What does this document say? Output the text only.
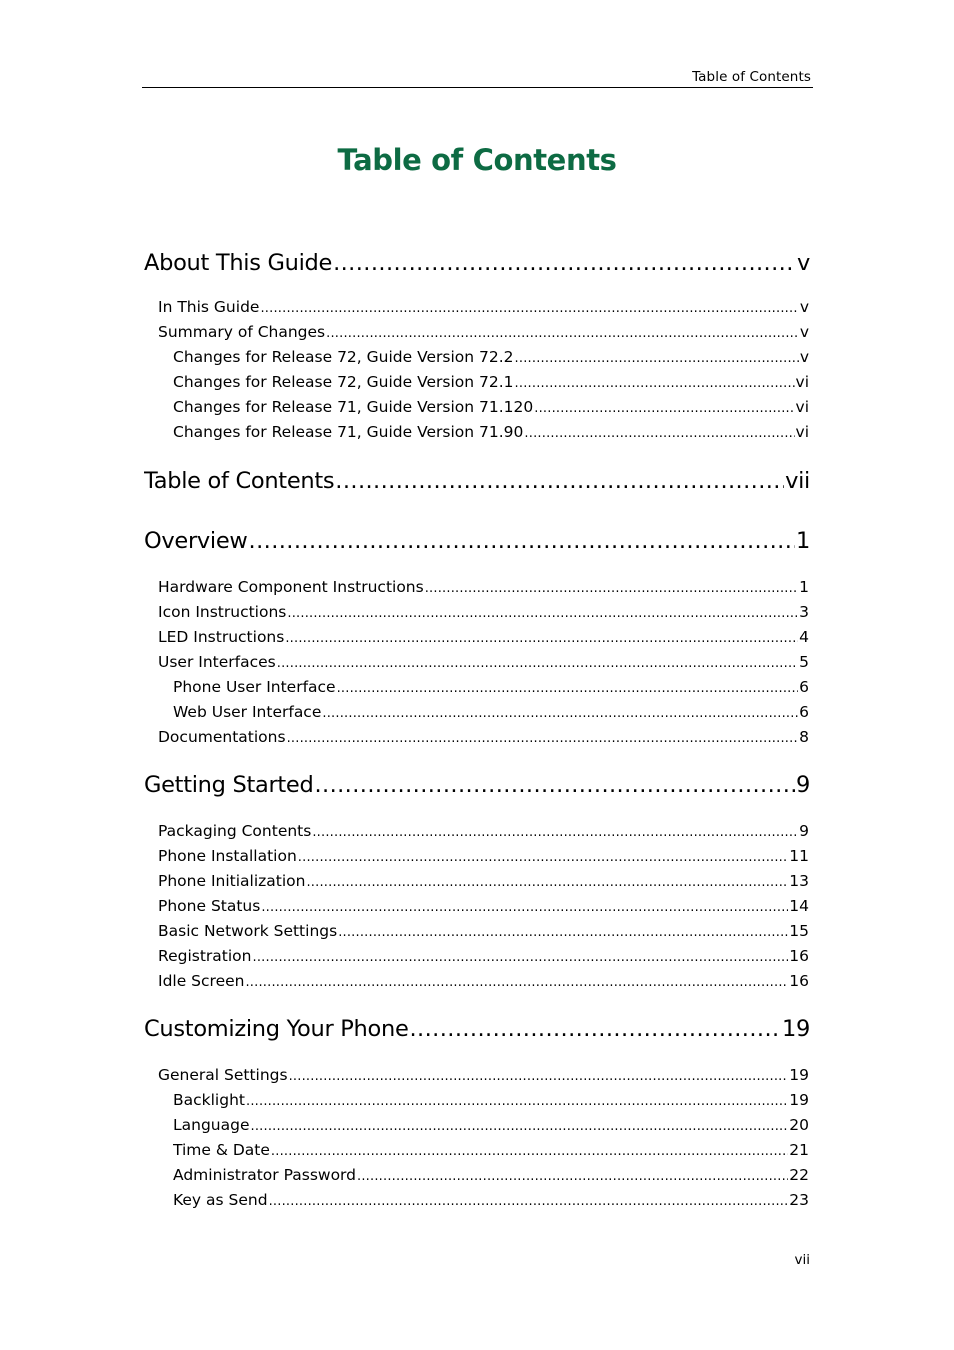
Table of Contents
Table of Contents
About This Guide .....	v
In This Guide .....	v
Summary of Changes .....	v
Changes for Release 72, Guide Version 72.2 .....	v
Changes for Release 72, Guide Version 72.1 .....	vi
Changes for Release 71, Guide Version 71.120 .....	vi
Changes for Release 71, Guide Version 71.90 .....	vi
Table of Contents .....	vii
Overview .....	1
Hardware Component Instructions .....	1
Icon Instructions .....	3
LED Instructions .....	4
User Interfaces .....	5
Phone User Interface .....	6
Web User Interface .....	6
Documentations .....	8
Getting Started .....	9
Packaging Contents .....	9
Phone Installation .....	11
Phone Initialization .....	13
Phone Status .....	14
Basic Network Settings .....	15
Registration .....	16
Idle Screen .....	16
Customizing Your Phone .....	19
General Settings .....	19
Backlight .....	19
Language .....	20
Time & Date .....	21
Administrator Password .....	22
Key as Send .....	23
vii
